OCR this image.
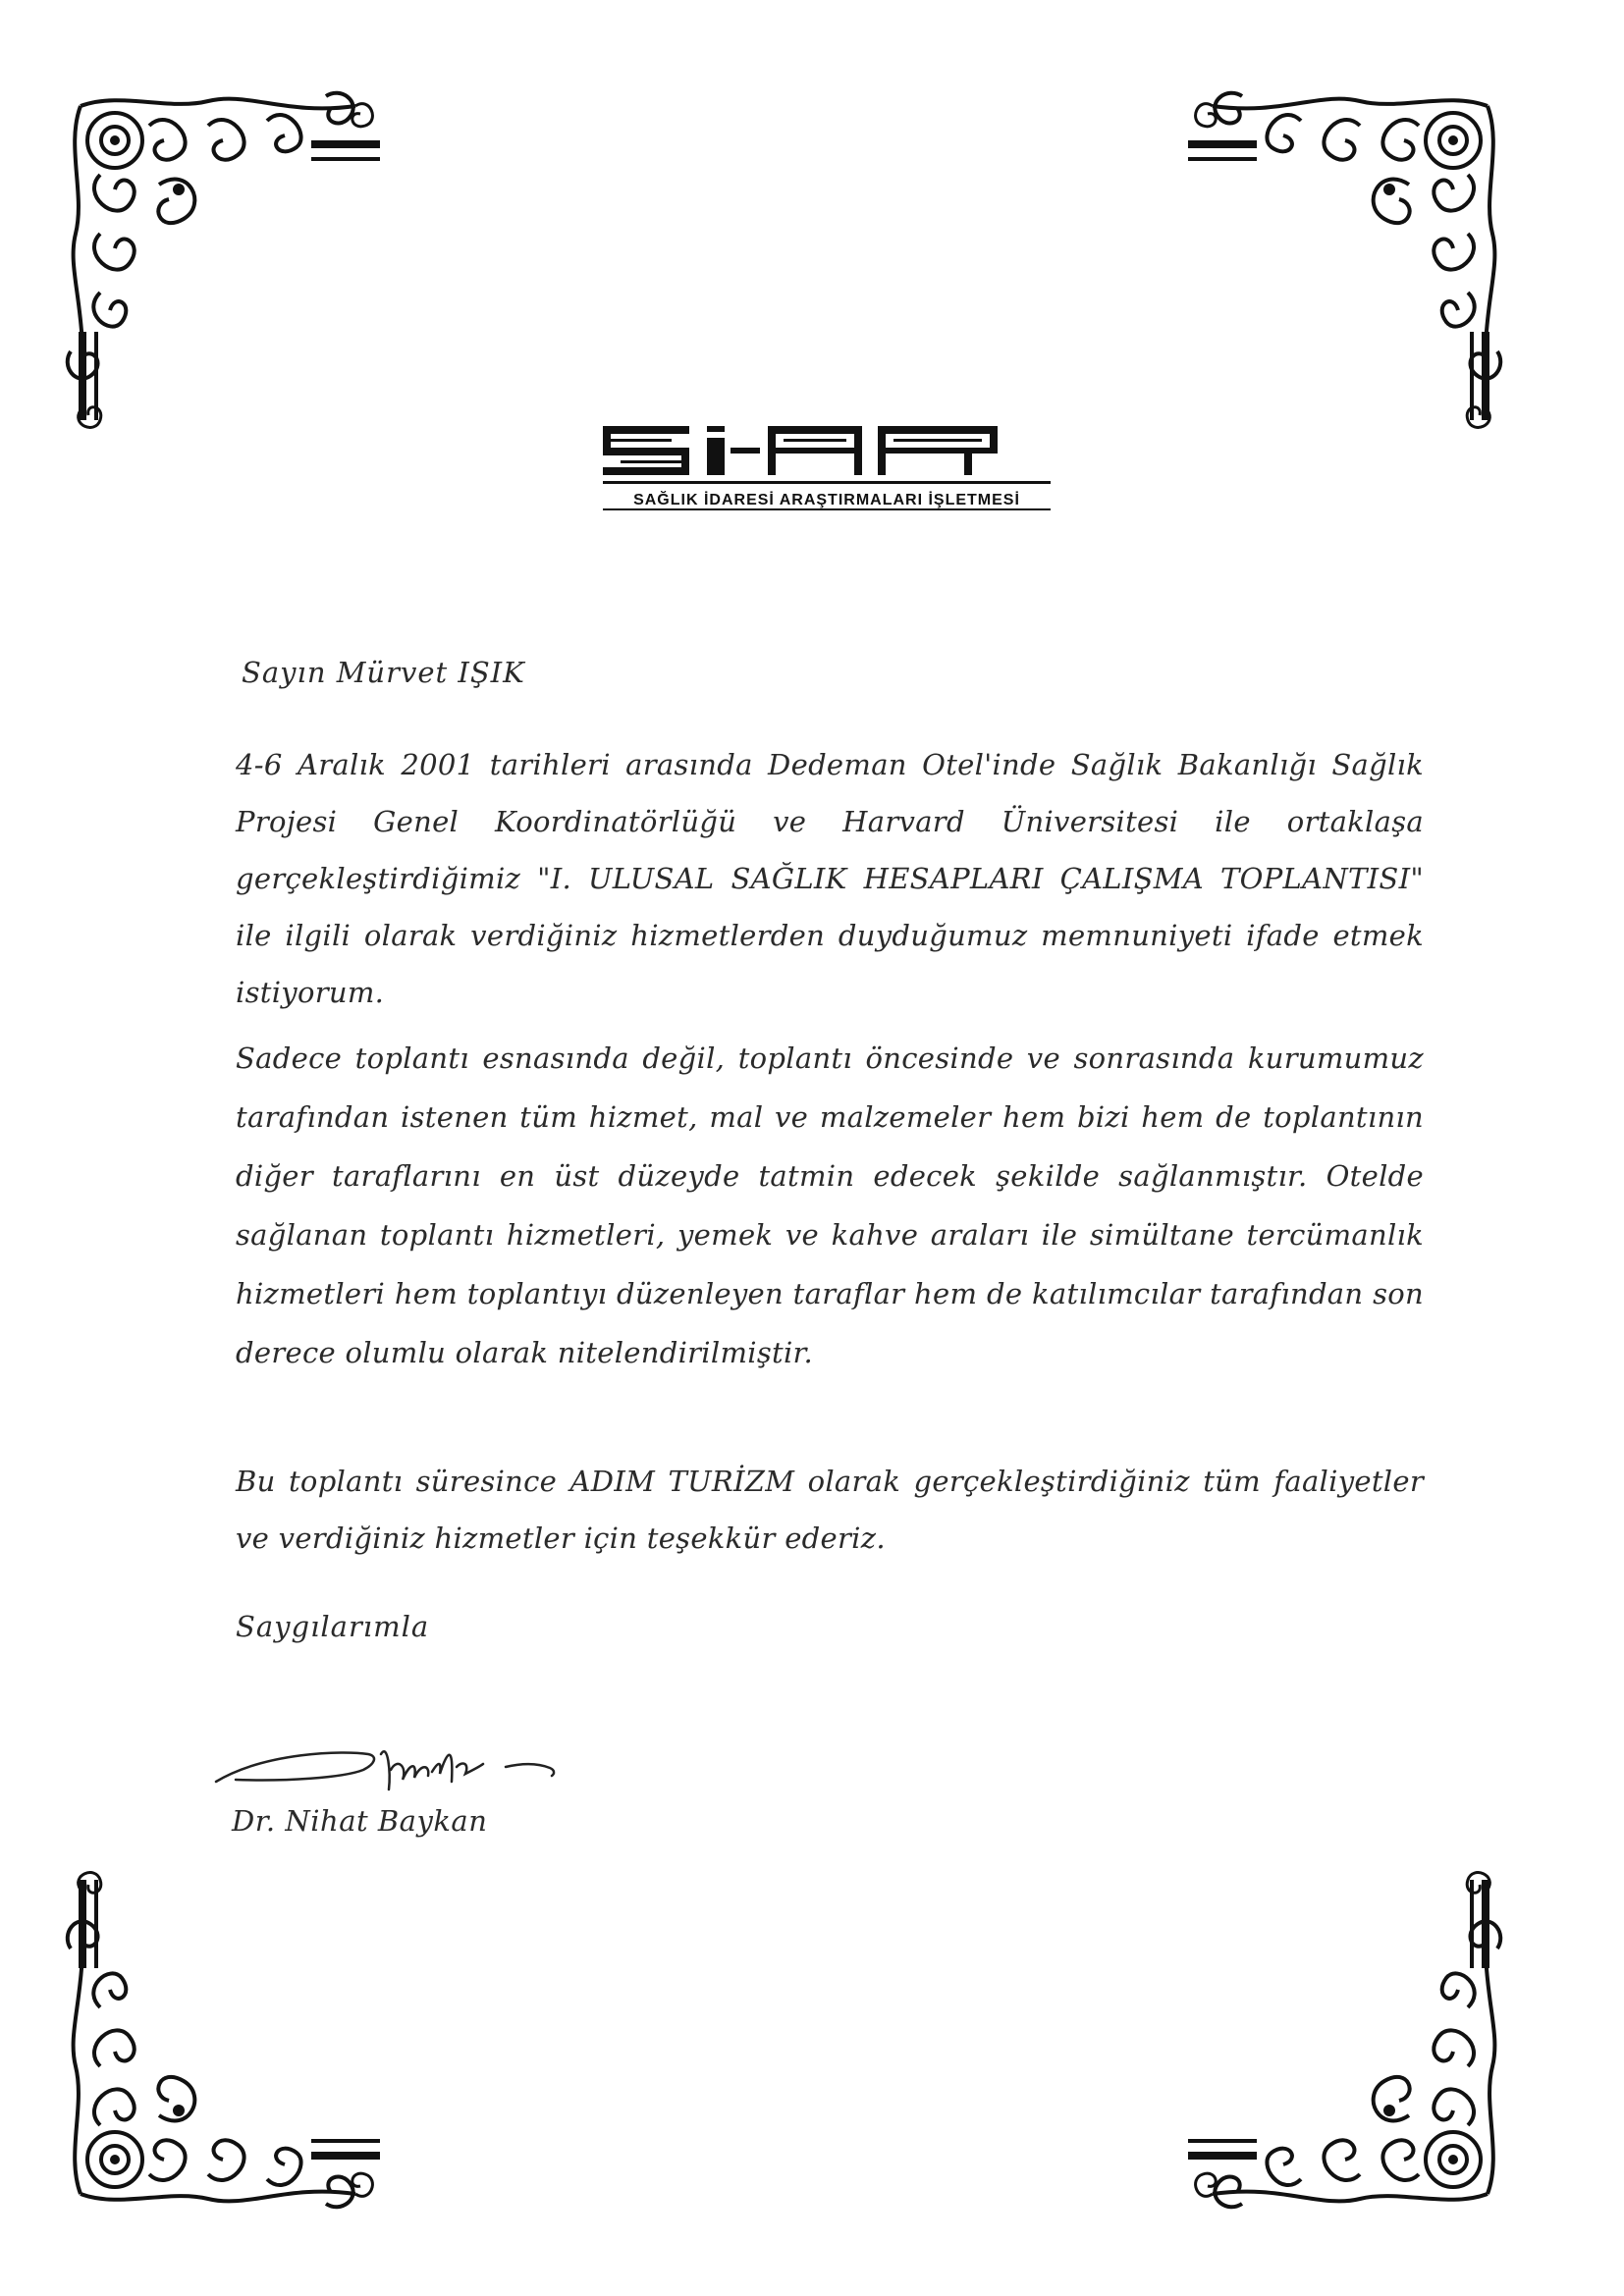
SAĞLIK İDARESİ ARAŞTIRMALARI İŞLETMESİ

Sayın Mürvet IŞIK

4-6 Aralık 2001 tarihleri arasında Dedeman Otel'inde Sağlık Bakanlığı Sağlık Projesi Genel Koordinatörlüğü ve Harvard Üniversitesi ile ortaklaşa gerçekleştirdiğimiz "I. ULUSAL SAĞLIK HESAPLARI ÇALIŞMA TOPLANTISI" ile ilgili olarak verdiğiniz hizmetlerden duyduğumuz memnuniyeti ifade etmek istiyorum.

Sadece toplantı esnasında değil, toplantı öncesinde ve sonrasında kurumumuz tarafından istenen tüm hizmet, mal ve malzemeler hem bizi hem de toplantının diğer taraflarını en üst düzeyde tatmin edecek şekilde sağlanmıştır. Otelde sağlanan toplantı hizmetleri, yemek ve kahve araları ile simültane tercümanlık hizmetleri hem toplantıyı düzenleyen taraflar hem de katılımcılar tarafından son derece olumlu olarak nitelendirilmiştir.

Bu toplantı süresince ADIM TURİZM olarak gerçekleştirdiğiniz tüm faaliyetler ve verdiğiniz hizmetler için teşekkür ederiz.

Saygılarımla

Dr. Nihat Baykan
